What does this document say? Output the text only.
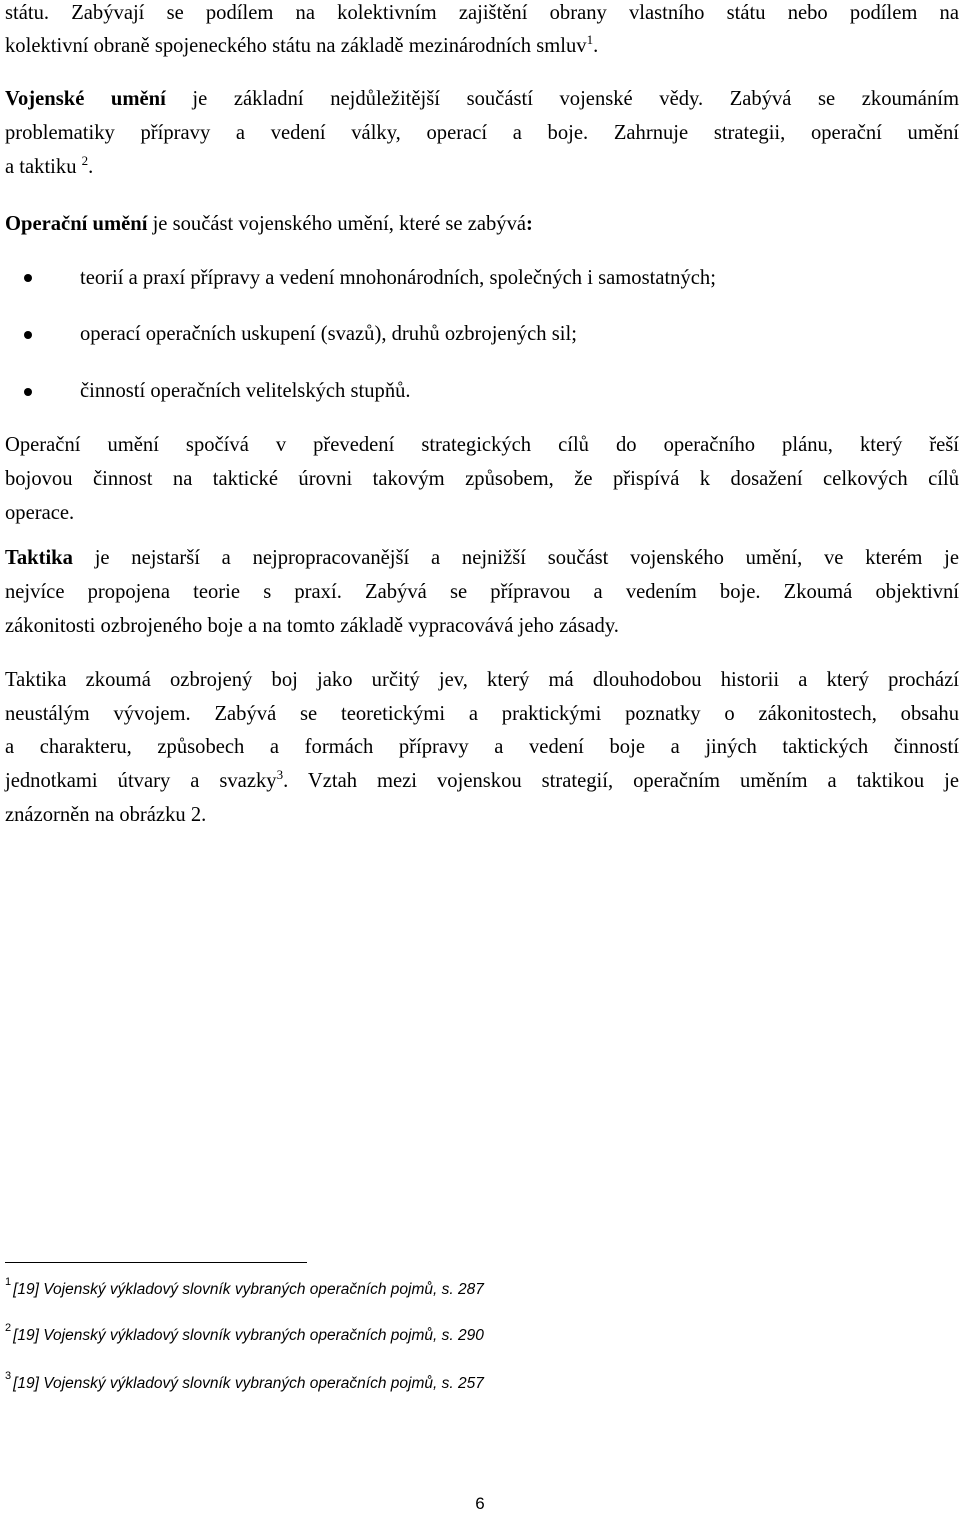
státu. Zabývají se podílem na kolektivním zajištění obrany vlastního státu nebo podílem na
kolektivní obraně spojeneckého státu na základě mezinárodních smluv$^1$.
Vojenské umění je základní nejdůležitější součástí vojenské vědy. Zabývá se zkoumáním
problematiky přípravy a vedení války, operací a boje. Zahrnuje strategii, operační umění
a taktiku $^2$.
Operační umění je součást vojenského umění, které se zabývá:
teorií a praxí přípravy a vedení mnohonárodních, společných i samostatných;
operací operačních uskupení (svazů), druhů ozbrojených sil;
činností operačních velitelských stupňů.
Operační umění spočívá v převedení strategických cílů do operačního plánu, který řeší
bojovou činnost na taktické úrovni takovým způsobem, že přispívá k dosažení celkových cílů
operace.
Taktika je nejstarší a nejpropracovanější a nejnižší součást vojenského umění, ve kterém je
nejvíce propojena teorie s praxí. Zabývá se přípravou a vedením boje. Zkoumá objektivní
zákonitosti ozbrojeného boje a na tomto základě vypracovává jeho zásady.
Taktika zkoumá ozbrojený boj jako určitý jev, který má dlouhodobou historii a který prochází
neustálým vývojem. Zabývá se teoretickými a praktickými poznatky o zákonitostech, obsahu
a charakteru, způsobech a formách přípravy a vedení boje a jiných taktických činností
jednotkami útvary a svazky$^3$. Vztah mezi vojenskou strategií, operačním uměním a taktikou je
znázorněn na obrázku 2.
$^1$ [19] Vojenský výkladový slovník vybraných operačních pojmů, s. 287
$^2$ [19] Vojenský výkladový slovník vybraných operačních pojmů, s. 290
$^3$ [19] Vojenský výkladový slovník vybraných operačních pojmů, s. 257
6
